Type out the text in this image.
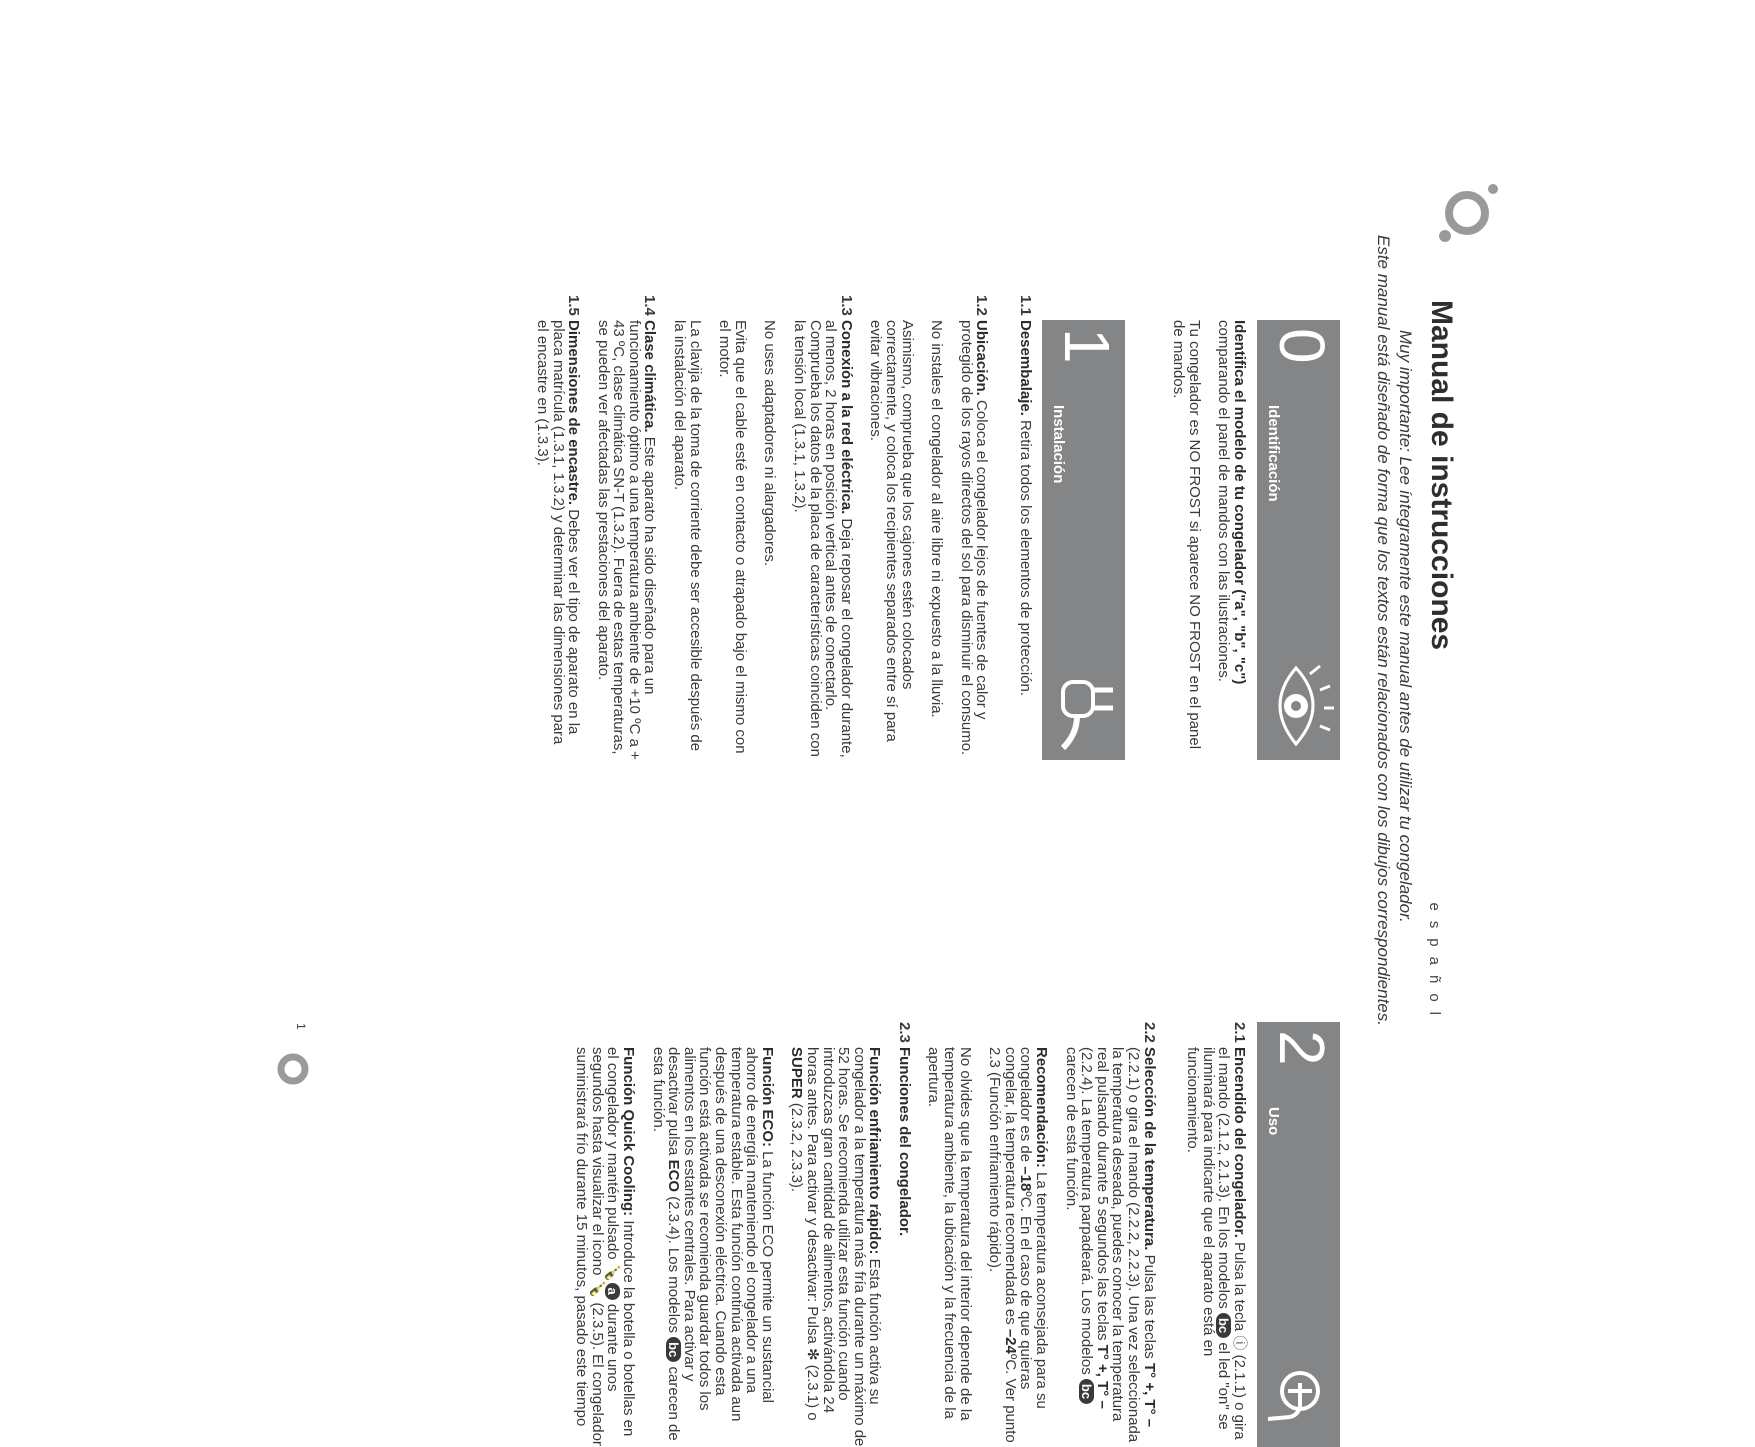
español
Manual de instrucciones

Muy importante: Lee íntegramente este manual antes de utilizar tu congelador.

Este manual está diseñado de forma que los textos están relacionados con los dibujos correspondientes.

0
Identificación
1
Instalación
2
Uso

Identifica el modelo de tu congelador ("a", "b", "c") comparando el panel de mandos con las ilustraciones.

Tu congelador es NO FROST si aparece NO FROST en el panel de mandos.

1.1

Desembalaje. Retira todos los elementos de protección.

1.2

Ubicación. Coloca el congelador lejos de fuentes de calor y protegido de los rayos directos del sol para disminuir el consumo.

No instales el congelador al aire libre ni expuesto a la lluvia.

Asimismo, comprueba que los cajones estén colocados correctamente, y coloca los recipientes separados entre sí para evitar vibraciones.

1.3

Conexión a la red eléctrica. Deja reposar el congelador durante, al menos, 2 horas en posición vertical antes de conectarlo. Comprueba los datos de la placa de características coinciden con la tensión local (1.3.1, 1.3.2).

No uses adaptadores ni alargadores.

Evita que el cable esté en contacto o atrapado bajo el mismo con el motor.

La clavija de la toma de corriente debe ser accesible después de la instalación del aparato.

1.4

Clase climática. Este aparato ha sido diseñado para un funcionamiento óptimo a una temperatura ambiente de +10 ºC a + 43 ºC, clase climática SN-T (1.3.2). Fuera de estas temperaturas, se pueden ver afectadas las prestaciones del aparato.

1.5

Dimensiones de encastre. Debes ver el tipo de aparato en la placa matrícula (1.3.1, 1.3.2) y determinar las dimensiones para el encastre en (1.3.3).

2.1

Encendido del congelador. Pulsa la tecla ⓘ (2.1.1) o gira el mando (2.1.2, 2.1.3). En los modelos bc el led "on" se iluminará para indicarte que el aparato está en funcionamiento.

2.2

Selección de la temperatura. Pulsa las teclas T° +, T° – (2.2.1) o gira el mando (2.2.2, 2.2.3). Una vez seleccionada la temperatura deseada, puedes conocer la temperatura real pulsando durante 5 segundos las teclas T° +, T° – (2.2.4). La temperatura parpadeará. Los modelos bc carecen de esta función.

Recomendación: La temperatura aconsejada para su congelador es de –18ºC. En el caso de que quieras congelar, la temperatura recomendada es –24ºC. Ver punto 2.3 (Función enfriamiento rápido).

No olvides que la temperatura del interior depende de la temperatura ambiente, la ubicación y la frecuencia de la apertura.

2.3

Funciones del congelador.

Función enfriamiento rápido: Esta función activa su congelador a la temperatura más fría durante un máximo de 52 horas. Se recomienda utilizar esta función cuando introduzcas gran cantidad de alimentos, activándola 24 horas antes. Para activar y desactivar: Pulsa ✻ (2.3.1) o SUPER (2.3.2, 2.3.3).

Función ECO: La función ECO permite un sustancial ahorro de energía manteniendo el congelador a una temperatura estable. Esta función continúa activada aun después de una desconexión eléctrica. Cuando esta función está activada se recomienda guardar todos los alimentos en los estantes centrales. Para activar y desactivar pulsa ECO (2.3.4). Los modelos bc carecen de esta función.

Función Quick Cooling: Introduce la botella o botellas en el congelador y mantén pulsado 🍾a durante unos segundos hasta visualizar el icono 🍾 (2.3.5). El congelador suministrará frío durante 15 minutos, pasado este tiempo

1
